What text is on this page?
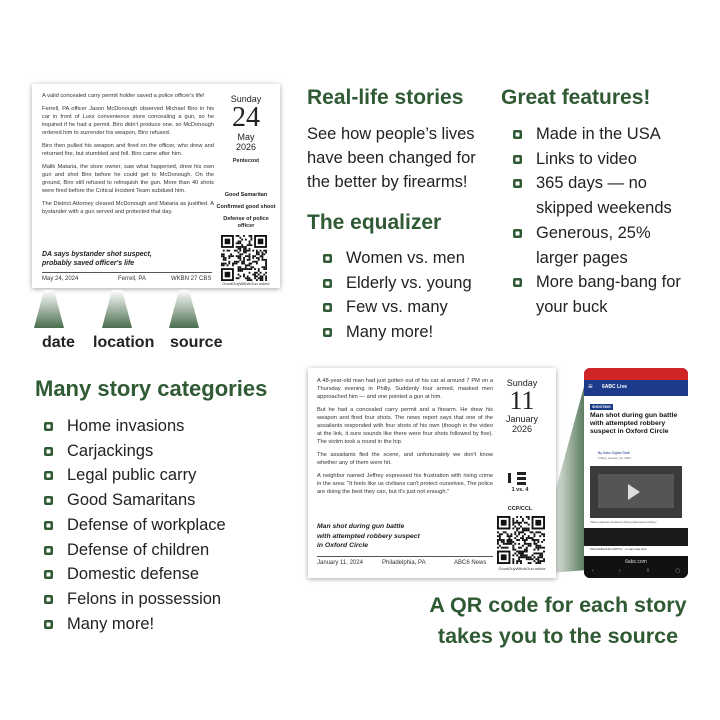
A valid concealed carry permit holder saved a police officer's life!

Ferrell, PA officer Jason McDonough observed Michael Biro in his car in front of Luxx convenience store concealing a gun, so he inquired if he had a permit. Biro didn't produce one, so McDonough ordered him to surrender his weapon, Biro refused.

Biro then pulled his weapon and fired on the officer, who drew and returned fire, but stumbled and fell. Biro came after him.

Malik Mataria, the store owner, saw what happened, drew his own gun and shot Biro before he could get to McDonough. On the ground, Biro still refused to relinquish the gun. More than 40 shots were fired before the Critical Incident Team subdued him.

The District Attorney cleared McDonough and Mataria as justified. A bystander with a gun served and protected that day.

DA says bystander shot suspect,
probably saved officer's life
May 24, 2024	Ferrell, PA	WKBN 27 CBS
Sunday
24
May
2026
Pentecost
Good Samaritan
Confirmed good shoot
Defense of police officer
GoodGuyWithAGun.online
date location source
Real-life stories
See how people’s lives
have been changed for
the better by firearms!
The equalizer
Women vs. men
Elderly vs. young
Few vs. many
Many more!
Great features!
Made in the USA
Links to video
365 days — no
skipped weekends
Generous, 25%
larger pages
More bang-bang for
your buck
Many story categories
Home invasions
Carjackings
Legal public carry
Good Samaritans
Defense of workplace
Defense of children
Domestic defense
Felons in possession
Many more!

A 48-year-old man had just gotten out of his car at around 7 PM on a Thursday evening in Philly. Suddenly four armed, masked men approached him — and one pointed a gun at him.

But he had a concealed carry permit and a firearm. He drew his weapon and fired four shots. The news report says that one of the assailants responded with four shots of his own (though in the video at the link, it sure sounds like there were four shots followed by five). The victim took a round in the hip.

The assailants fled the scene, and unfortunately we don't know whether any of them were hit.

A neighbor named Jeffrey expressed his frustration with rising crime in the area: "It feels like us civilians can't protect ourselves. The police are doing the best they can, but it's just not enough."

Man shot during gun battle
with attempted robbery suspect
in Oxford Circle
January 11, 2024	Philadelphia, PA	ABC6 News
Sunday
11
January
2026
1 vs. 4
CCP/CCL
GoodGuyWithAGun.online
6ABC Live
≡
SHOOTING
Man shot during gun battle with attempted robbery suspect in Oxford Circle
By 6abc Digital Staff
Friday, January 12, 2024
Video captures shootout during attempted robbery
PHILADELPHIA (WPVI) -- A man was shot
6abc.com
‹	›	⇪	▢
A QR code for each story
takes you to the source
